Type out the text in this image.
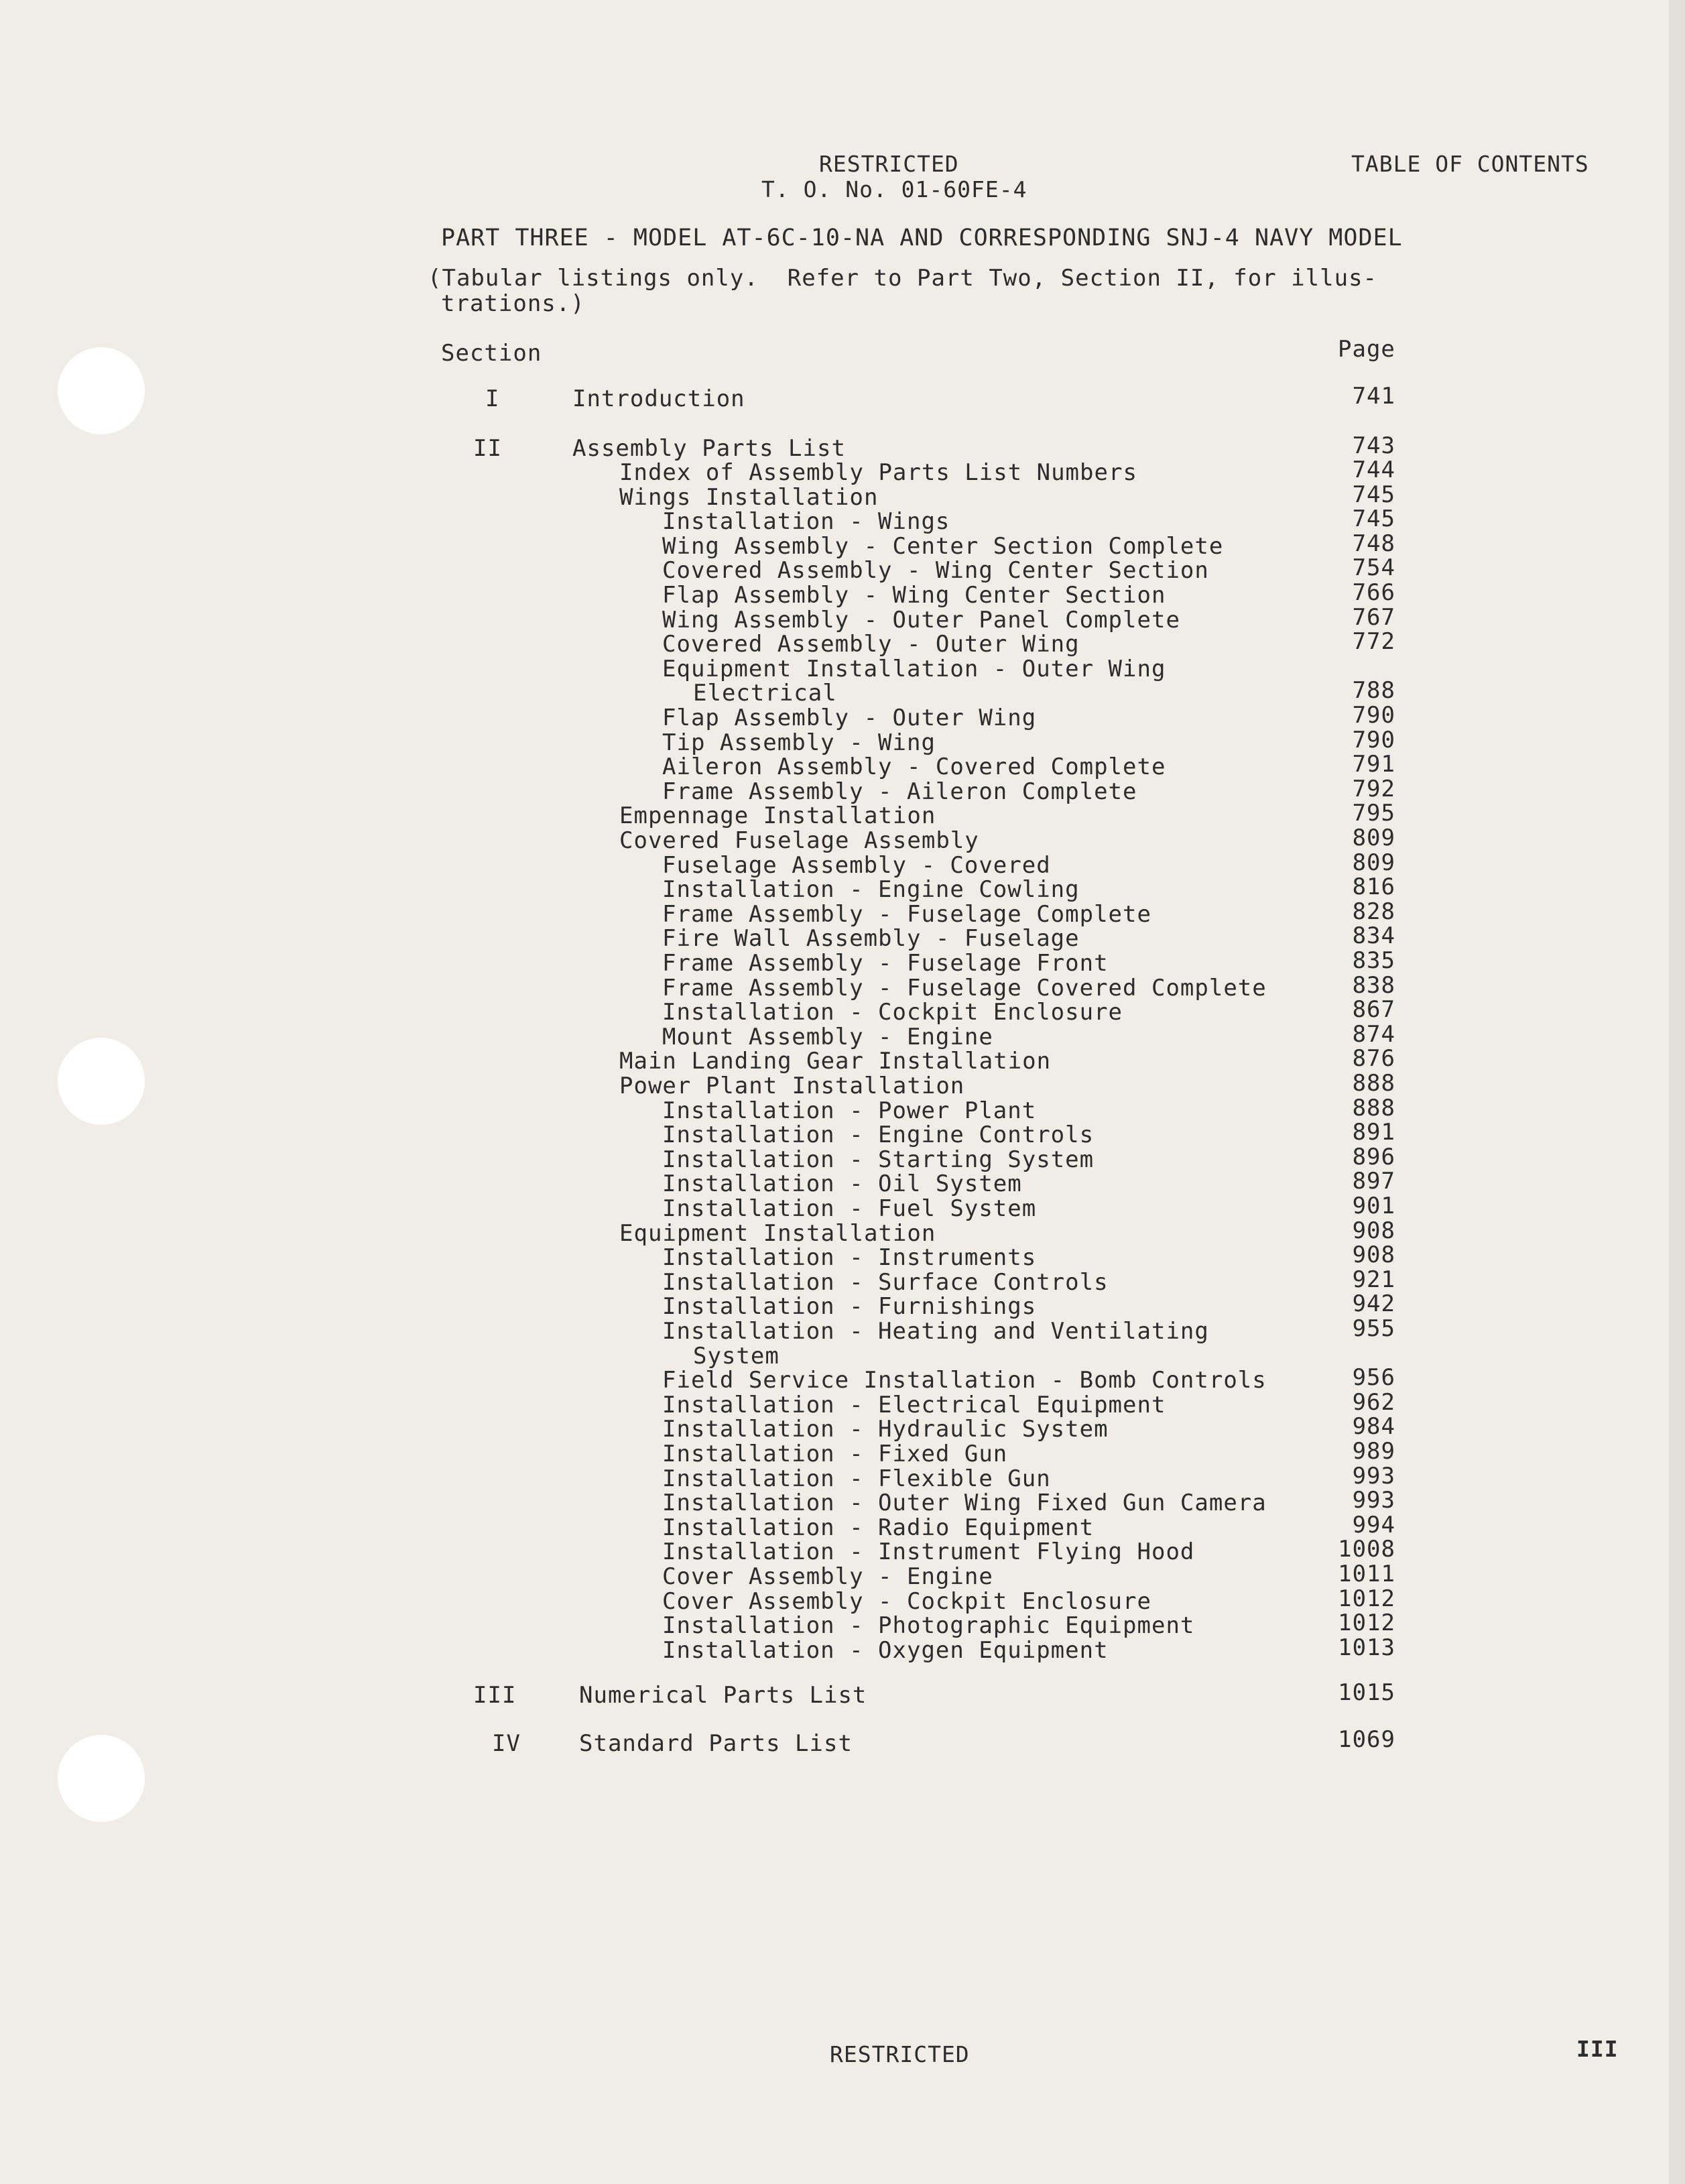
RESTRICTED
T. O. No. 01-60FE-4
TABLE OF CONTENTS
PART THREE - MODEL AT-6C-10-NA AND CORRESPONDING SNJ-4 NAVY MODEL
(Tabular listings only.  Refer to Part Two, Section II, for illus-
trations.)
Section	Page
I	Introduction	741
II	Assembly Parts List	743
Index of Assembly Parts List Numbers	744
Wings Installation	745
Installation - Wings	745
Wing Assembly - Center Section Complete	748
Covered Assembly - Wing Center Section	754
Flap Assembly - Wing Center Section	766
Wing Assembly - Outer Panel Complete	767
Covered Assembly - Outer Wing	772
Equipment Installation - Outer Wing
Electrical	788
Flap Assembly - Outer Wing	790
Tip Assembly - Wing	790
Aileron Assembly - Covered Complete	791
Frame Assembly - Aileron Complete	792
Empennage Installation	795
Covered Fuselage Assembly	809
Fuselage Assembly - Covered	809
Installation - Engine Cowling	816
Frame Assembly - Fuselage Complete	828
Fire Wall Assembly - Fuselage	834
Frame Assembly - Fuselage Front	835
Frame Assembly - Fuselage Covered Complete	838
Installation - Cockpit Enclosure	867
Mount Assembly - Engine	874
Main Landing Gear Installation	876
Power Plant Installation	888
Installation - Power Plant	888
Installation - Engine Controls	891
Installation - Starting System	896
Installation - Oil System	897
Installation - Fuel System	901
Equipment Installation	908
Installation - Instruments	908
Installation - Surface Controls	921
Installation - Furnishings	942
Installation - Heating and Ventilating	955
System
Field Service Installation - Bomb Controls	956
Installation - Electrical Equipment	962
Installation - Hydraulic System	984
Installation - Fixed Gun	989
Installation - Flexible Gun	993
Installation - Outer Wing Fixed Gun Camera	993
Installation - Radio Equipment	994
Installation - Instrument Flying Hood	1008
Cover Assembly - Engine	1011
Cover Assembly - Cockpit Enclosure	1012
Installation - Photographic Equipment	1012
Installation - Oxygen Equipment	1013
III	Numerical Parts List	1015
IV	Standard Parts List	1069
RESTRICTED	III
